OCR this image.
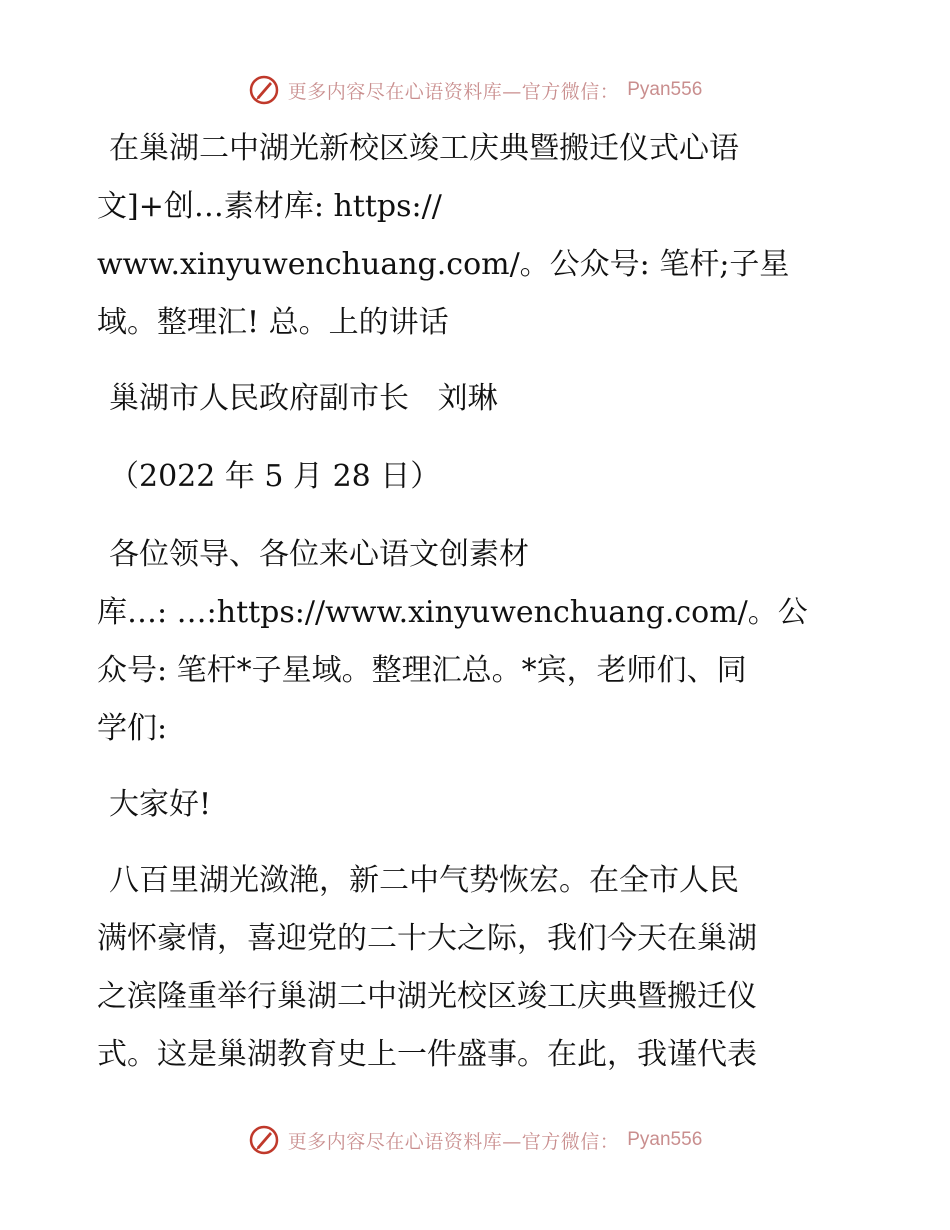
更多内容尽在心语资料库—官方微信： Pyan556

在巢湖二中湖光新校区竣工庆典暨搬迁仪式心语

文]+创…素材库: https://

www.xinyuwenchuang.com/。公众号: 笔杆;子星

域。整理汇! 总。上的讲话

巢湖市人民政府副市长   刘琳

（2022 年 5 月 28 日）

各位领导、各位来心语文创素材

库…: …:https://www.xinyuwenchuang.com/。公

众号: 笔杆*子星域。整理汇总。*宾，老师们、同

学们:

大家好!

八百里湖光潋滟，新二中气势恢宏。在全市人民

满怀豪情，喜迎党的二十大之际，我们今天在巢湖

之滨隆重举行巢湖二中湖光校区竣工庆典暨搬迁仪

式。这是巢湖教育史上一件盛事。在此，我谨代表

更多内容尽在心语资料库—官方微信： Pyan556
